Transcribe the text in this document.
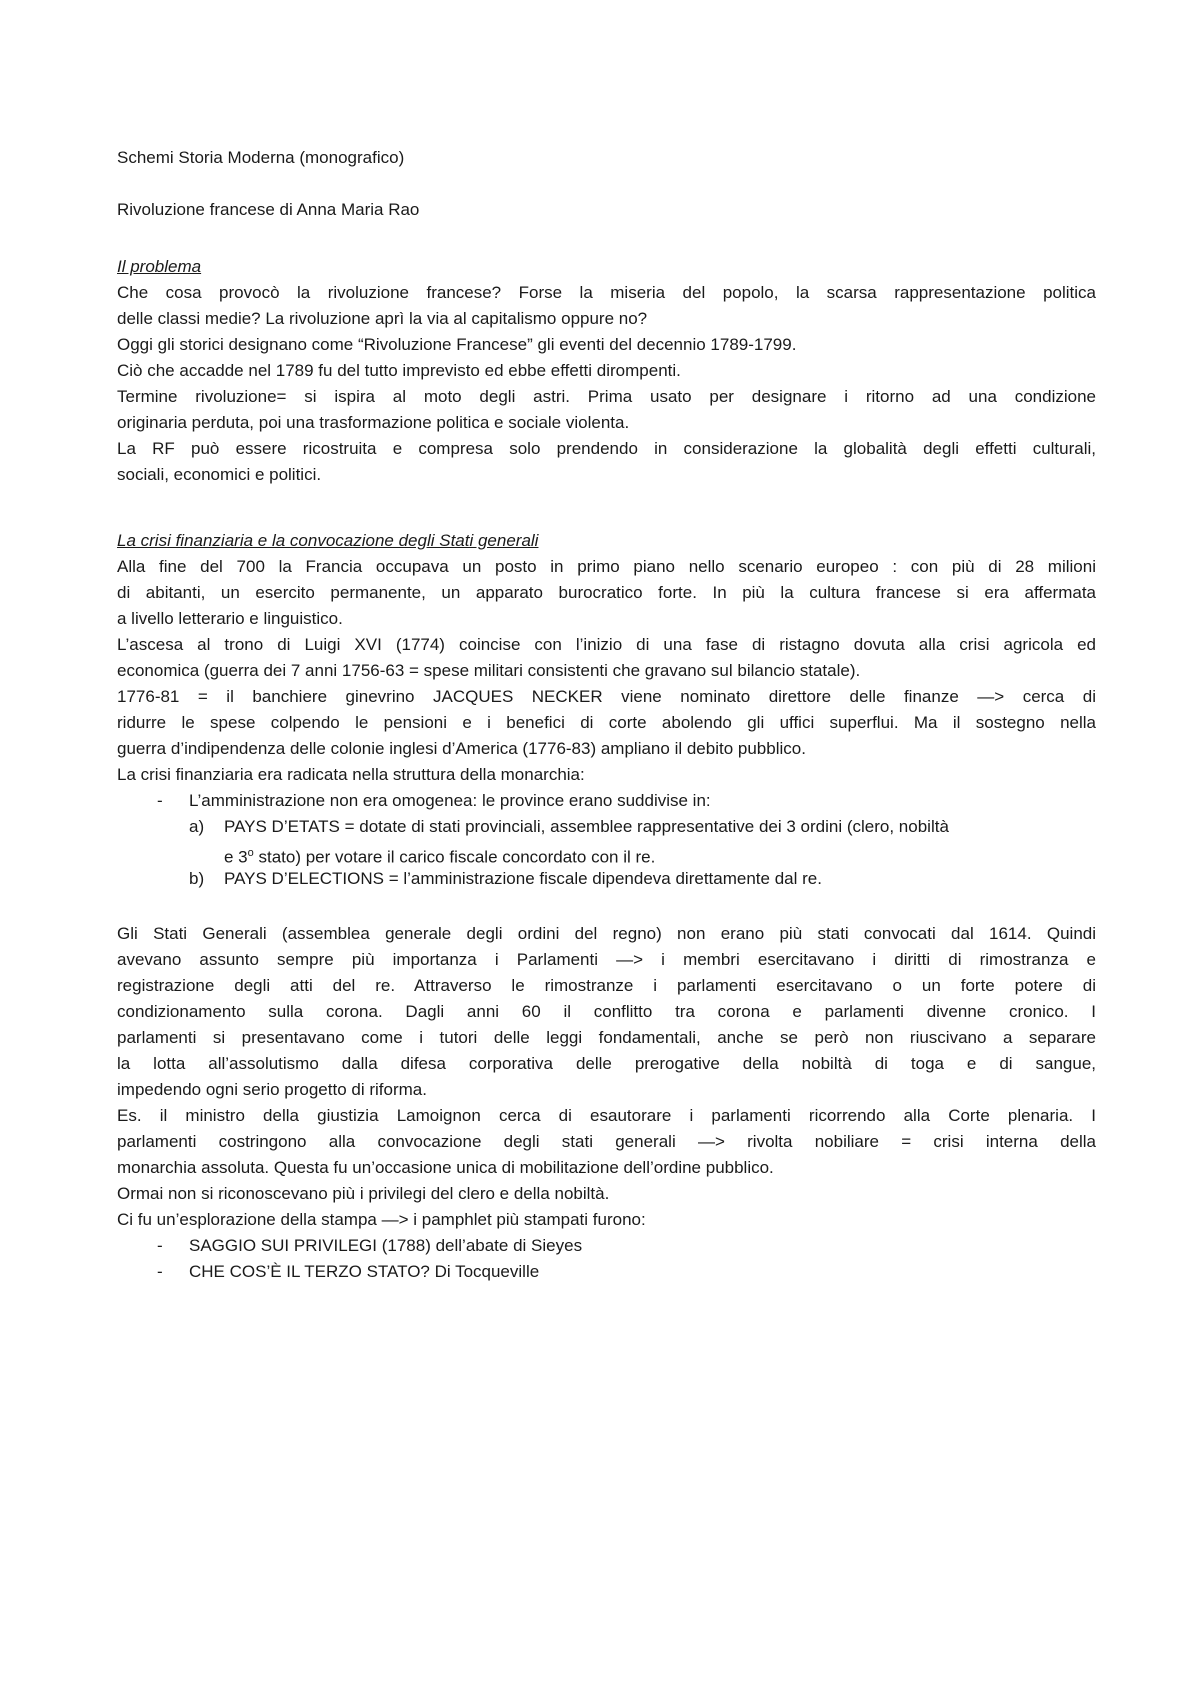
Schemi Storia Moderna (monografico)
Rivoluzione francese di Anna Maria Rao
Il problema
Che cosa provocò la rivoluzione francese? Forse la miseria del popolo, la scarsa rappresentazione politica
delle classi medie? La rivoluzione aprì la via al capitalismo oppure no?
Oggi gli storici designano come “Rivoluzione Francese” gli eventi del decennio 1789-1799.
Ciò che accadde nel 1789 fu del tutto imprevisto ed ebbe effetti dirompenti.
Termine rivoluzione= si ispira al moto degli astri. Prima usato per designare i ritorno ad una condizione
originaria perduta, poi una trasformazione politica e sociale violenta.
La RF può essere ricostruita e compresa solo prendendo in considerazione la globalità degli effetti culturali,
sociali, economici e politici.
La crisi finanziaria e la convocazione degli Stati generali
Alla fine del 700 la Francia occupava un posto in primo piano nello scenario europeo : con più di 28 milioni
di abitanti, un esercito permanente, un apparato burocratico forte. In più la cultura francese si era affermata
a livello letterario e linguistico.
L’ascesa al trono di Luigi XVI (1774) coincise con l’inizio di una fase di ristagno dovuta alla crisi agricola ed
economica (guerra dei 7 anni 1756-63 = spese militari consistenti che gravano sul bilancio statale).
1776-81 = il banchiere ginevrino JACQUES NECKER viene nominato direttore delle finanze —> cerca di
ridurre le spese colpendo le pensioni e i benefici di corte abolendo gli uffici superflui. Ma il sostegno nella
guerra d’indipendenza delle colonie inglesi d’America (1776-83) ampliano il debito pubblico.
La crisi finanziaria era radicata nella struttura della monarchia:
- L’amministrazione non era omogenea: le province erano suddivise in:
a) PAYS D’ETATS = dotate di stati provinciali, assemblee rappresentative dei 3 ordini (clero, nobiltà
e 3$^o$ stato) per votare il carico fiscale concordato con il re.
b) PAYS D’ELECTIONS = l’amministrazione fiscale dipendeva direttamente dal re.
Gli Stati Generali (assemblea generale degli ordini del regno) non erano più stati convocati dal 1614. Quindi
avevano assunto sempre più importanza i Parlamenti —> i membri esercitavano i diritti di rimostranza e
registrazione degli atti del re. Attraverso le rimostranze i parlamenti esercitavano o un forte potere di
condizionamento sulla corona. Dagli anni 60 il conflitto tra corona e parlamenti divenne cronico. I
parlamenti si presentavano come i tutori delle leggi fondamentali, anche se però non riuscivano a separare
la lotta all’assolutismo dalla difesa corporativa delle prerogative della nobiltà di toga e di sangue,
impedendo ogni serio progetto di riforma.
Es. il ministro della giustizia Lamoignon cerca di esautorare i parlamenti ricorrendo alla Corte plenaria. I
parlamenti costringono alla convocazione degli stati generali —> rivolta nobiliare = crisi interna della
monarchia assoluta. Questa fu un’occasione unica di mobilitazione dell’ordine pubblico.
Ormai non si riconoscevano più i privilegi del clero e della nobiltà.
Ci fu un’esplorazione della stampa —> i pamphlet più stampati furono:
- SAGGIO SUI PRIVILEGI (1788) dell’abate di Sieyes
- CHE COS’È IL TERZO STATO? Di Tocqueville
